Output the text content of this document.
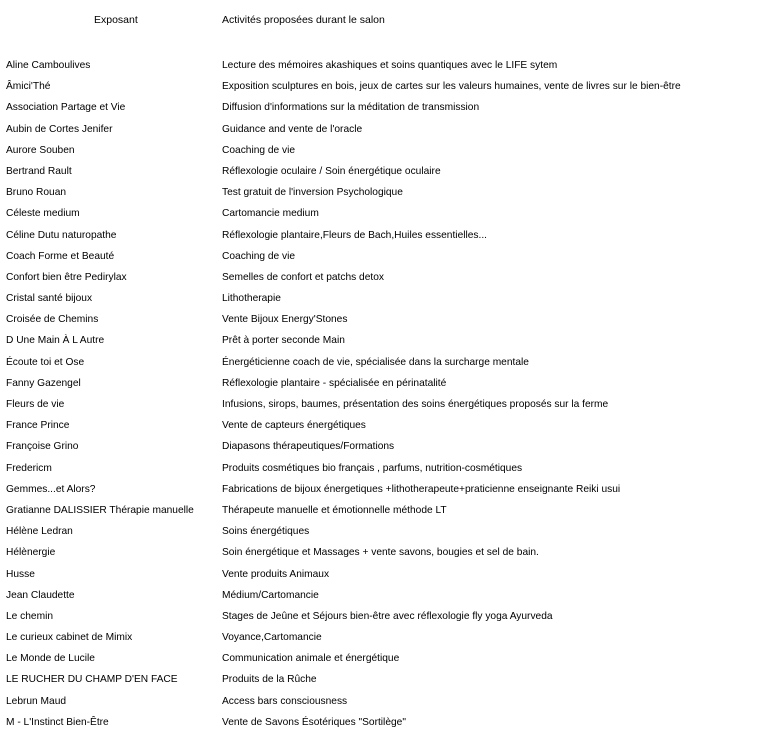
Exposant	Activités proposées durant le salon
Aline Camboulives	Lecture des mémoires akashiques et soins quantiques avec le LIFE sytem
Âmici'Thé	Exposition sculptures en bois, jeux de cartes sur les valeurs humaines, vente de livres sur le bien-être
Association Partage et Vie	Diffusion d'informations sur la méditation de transmission
Aubin de Cortes Jenifer	Guidance and vente de l'oracle
Aurore Souben	Coaching de vie
Bertrand Rault	Réflexologie oculaire / Soin énergétique oculaire
Bruno Rouan	Test gratuit de l'inversion Psychologique
Céleste medium	Cartomancie medium
Céline Dutu naturopathe	Réflexologie plantaire,Fleurs de Bach,Huiles essentielles...
Coach Forme et Beauté	Coaching de vie
Confort bien être Pedirylax	Semelles de confort et patchs detox
Cristal santé bijoux	Lithotherapie
Croisée de Chemins	Vente Bijoux Energy'Stones
D Une Main À L Autre	Prêt à porter seconde Main
Écoute toi et Ose	Énergéticienne coach de vie, spécialisée dans la surcharge mentale
Fanny Gazengel	Réflexologie plantaire - spécialisée en périnatalité
Fleurs de vie	Infusions, sirops, baumes, présentation des soins énergétiques proposés sur la ferme
France Prince	Vente de capteurs énergétiques
Françoise Grino	Diapasons thérapeutiques/Formations
Fredericm	Produits cosmétiques bio français , parfums, nutrition-cosmétiques
Gemmes...et Alors?	Fabrications de bijoux énergetiques +lithotherapeute+praticienne enseignante Reiki usui
Gratianne DALISSIER Thérapie manuelle	Thérapeute manuelle et émotionnelle méthode LT
Hélène Ledran	Soins énergétiques
Hélènergie	Soin énergétique et Massages + vente savons, bougies et sel de bain.
Husse	Vente produits Animaux
Jean Claudette	Médium/Cartomancie
Le chemin	Stages de Jeûne et Séjours bien-être avec réflexologie fly yoga Ayurveda
Le curieux cabinet de Mimix	Voyance,Cartomancie
Le Monde de Lucile	Communication animale et énergétique
LE RUCHER DU CHAMP D'EN FACE	Produits de la Rûche
Lebrun Maud	Access bars consciousness
M - L'Instinct Bien-Être	Vente de Savons Ésotériques "Sortilège"
